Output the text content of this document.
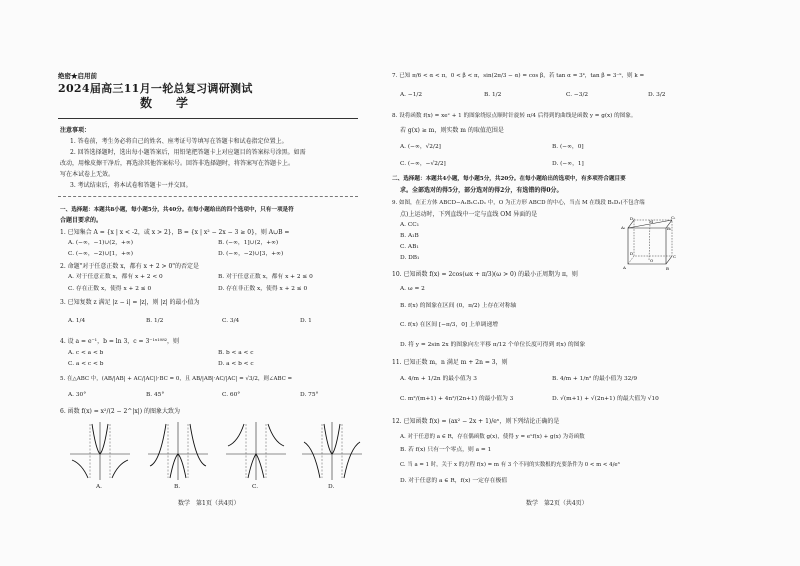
绝密★启用前
2024届高三11月一轮总复习调研测试
数　学
注意事项：
1. 答卷前，考生务必将自己的姓名、座考证号等填写在答题卡和试卷指定位置上。
2. 回答选择题时，选出每小题答案后，用铅笔把答题卡上对应题目的答案标号涂黑。如需
改动，用橡皮擦干净后，再选涂其他答案标号。回答非选择题时，将答案写在答题卡上。
写在本试卷上无效。
3. 考试结束后，将本试卷和答题卡一并交回。
一、选择题：本题共8小题，每小题5分，共40分。在每小题给出的四个选项中，只有一项是符
合题目要求的。
1. 已知集合 A = {x | x < -2，或 x > 2}，B = {x | x² − 2x − 3 ≥ 0}，则 A∪B =
A. (−∞，−1)∪(2，+∞)	B. (−∞，1]∪(2，+∞)
C. (−∞，−2)∪[1，+∞)	D. (−∞，−2)∪[3，+∞)
2. 命题"对于任意正数 x，都有 x + 2 > 0"的否定是
A. 对于任意正数 x，都有 x + 2 < 0	B. 对于任意正数 x，都有 x + 2 ≤ 0
C. 存在正数 x，使得 x + 2 ≤ 0	D. 存在非正数 x，使得 x + 2 ≤ 0
3. 已知复数 z 满足 |z − i| = |z|，则 |z| 的最小值为
A. 1/4	B. 1/2	C. 3/4	D. 1
4. 设 a = e⁻¹，b = ln 3，c = 3⁻¹ˣ¹⁰⁸²，则
A. c < a < b	B. b < a < c
C. a < c < b	D. a < b < c
5. 在△ABC 中，(AB/|AB| + AC/|AC|)·BC = 0，且 AB/|AB|·AC/|AC| = √3/2，则∠ABC =
A. 30°	B. 45°	C. 60°	D. 75°
6. 函数 f(x) = x²/(2 − 2^|x|) 的图象大致为
A.	B.	C.	D.
数学　第1页（共4页）
7. 已知 π/6 < α < π，0 < β < π，sin(2π/3 − α) = cos β，若 tan α = 3ᵏ，tan β = 3⁻ᵏ，则 k =
A. −1/2	B. 1/2	C. −3/2	D. 3/2
8. 设将函数 f(x) = xeˣ + 1 的图象绕原点顺时针旋转 π/4 后得到的曲线是函数 y = g(x) 的图象。
若 g(x) ≥ m，则实数 m 的取值范围是
A. (−∞，√2/2]	B. (−∞，0]
C. (−∞，−√2/2]	D. (−∞，1]
二、选择题：本题共4小题，每小题5分，共20分。在每小题给出的选项中，有多项符合题目要
求。全部选对的得5分，部分选对的得2分，有选错的得0分。
9. 如图，在正方体 ABCD−A₁B₁C₁D₁ 中，O 为正方形 ABCD 的中心，当点 M 在线段 B₁D₁(不包含端
点)上运动时，下列直线中一定与直线 OM 异面的是
A. CC₁
B. A₁B
C. AB₁
D. DB₁
D₁	C₁
A₁	B₁
M
D
C
O
A	B
10. 已知函数 f(x) = 2cos(ωx + π/3)(ω > 0) 的最小正周期为 π，则
A. ω = 2
B. f(x) 的图象在区间 (0，π/2) 上存在对称轴
C. f(x) 在区间 [−π/3，0] 上单调递增
D. 将 y = 2sin 2x 的图象向左平移 π/12 个单位长度可得到 f(x) 的图象
11. 已知正数 m，n 满足 m + 2n = 3，则
A. 4/m + 1/2n 的最小值为 3	B. 4/m + 1/n² 的最小值为 32/9
C. m²/(m+1) + 4n²/(2n+1) 的最小值为 3	D. √(m+1) + √(2n+1) 的最大值为 √10
12. 已知函数 f(x) = (ax² − 2x + 1)/eˣ，则下列结论正确的是
A. 对于任意的 a ∈ R，存在偶函数 g(x)，使得 y = eˣf(x) + g(x) 为奇函数
B. 若 f(x) 只有一个零点，则 a = 1
C. 当 a = 1 时，关于 x 的方程 f(x) = m 有 3 个不同的实数根的充要条件为 0 < m < 4/e³
D. 对于任意的 a ∈ R，f(x) 一定存在极值
数学　第2页（共4页）
